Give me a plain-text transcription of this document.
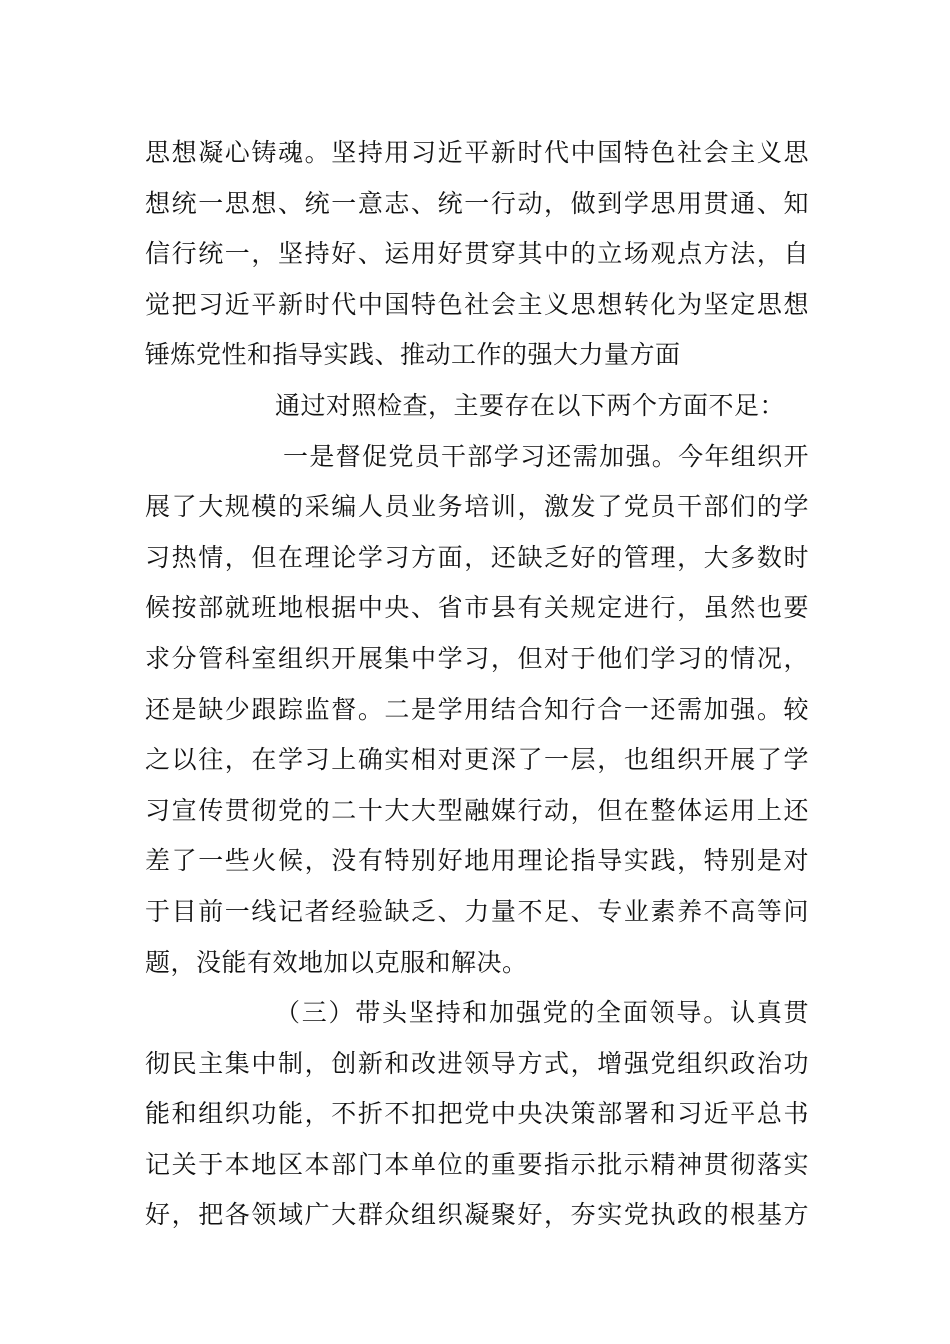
思想凝心铸魂。坚持用习近平新时代中国特色社会主义思
想统一思想、统一意志、统一行动，做到学思用贯通、知
信行统一，坚持好、运用好贯穿其中的立场观点方法，自
觉把习近平新时代中国特色社会主义思想转化为坚定思想
锤炼党性和指导实践、推动工作的强大力量方面
通过对照检查，主要存在以下两个方面不足：
一是督促党员干部学习还需加强。今年组织开
展了大规模的采编人员业务培训，激发了党员干部们的学
习热情，但在理论学习方面，还缺乏好的管理，大多数时
候按部就班地根据中央、省市县有关规定进行，虽然也要
求分管科室组织开展集中学习，但对于他们学习的情况，
还是缺少跟踪监督。二是学用结合知行合一还需加强。较
之以往，在学习上确实相对更深了一层，也组织开展了学
习宣传贯彻党的二十大大型融媒行动，但在整体运用上还
差了一些火候，没有特别好地用理论指导实践，特别是对
于目前一线记者经验缺乏、力量不足、专业素养不高等问
题，没能有效地加以克服和解决。
（三）带头坚持和加强党的全面领导。认真贯
彻民主集中制，创新和改进领导方式，增强党组织政治功
能和组织功能，不折不扣把党中央决策部署和习近平总书
记关于本地区本部门本单位的重要指示批示精神贯彻落实
好，把各领域广大群众组织凝聚好，夯实党执政的根基方
